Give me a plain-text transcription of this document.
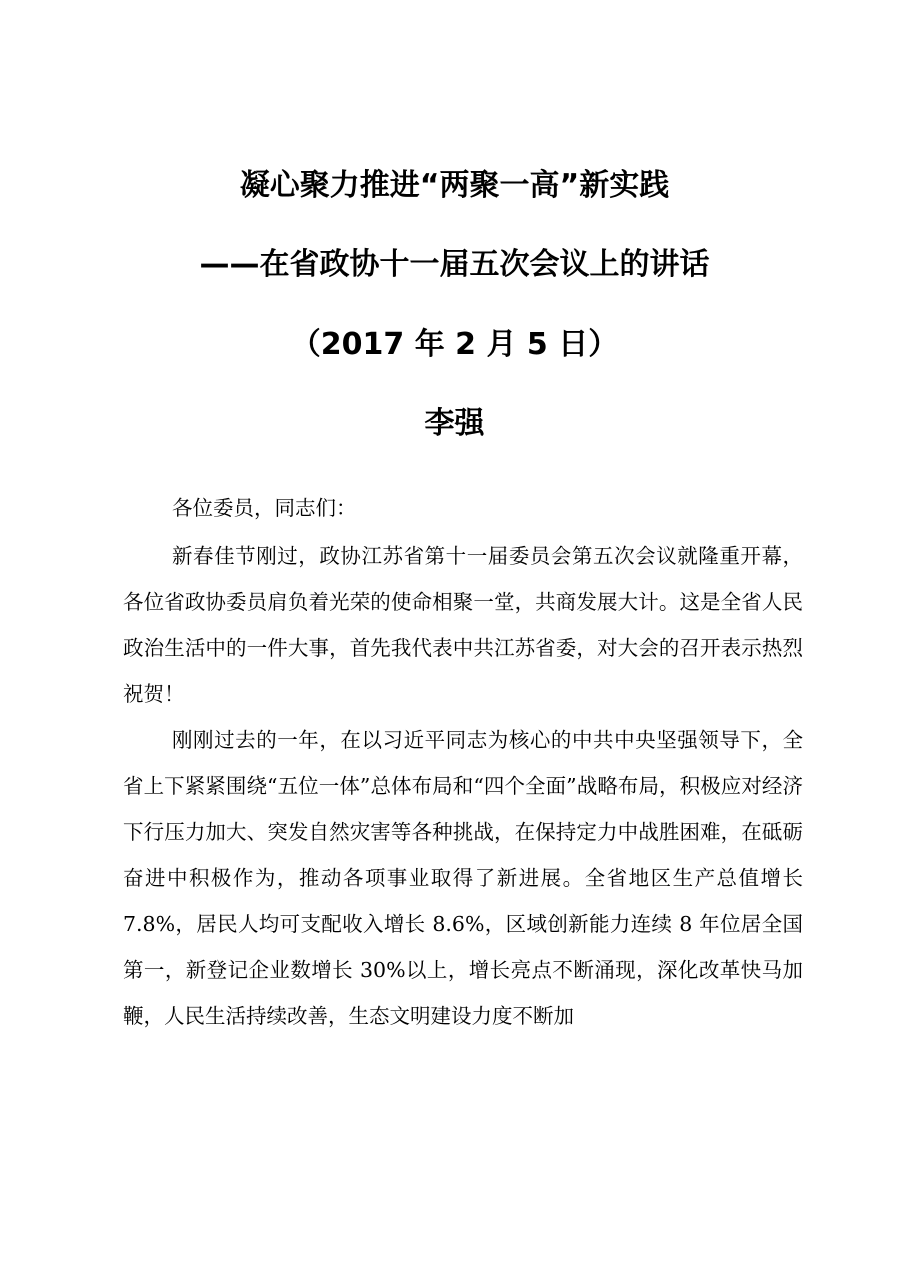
凝心聚力推进“两聚一高”新实践
——在省政协十一届五次会议上的讲话
（2017 年 2 月 5 日）
李强
各位委员，同志们：

新春佳节刚过，政协江苏省第十一届委员会第五次会议就隆重开幕，各位省政协委员肩负着光荣的使命相聚一堂，共商发展大计。这是全省人民政治生活中的一件大事，首先我代表中共江苏省委，对大会的召开表示热烈祝贺！

刚刚过去的一年，在以习近平同志为核心的中共中央坚强领导下，全省上下紧紧围绕“五位一体”总体布局和“四个全面”战略布局，积极应对经济下行压力加大、突发自然灾害等各种挑战，在保持定力中战胜困难，在砥砺奋进中积极作为，推动各项事业取得了新进展。全省地区生产总值增长 7.8%，居民人均可支配收入增长 8.6%，区域创新能力连续 8 年位居全国第一，新登记企业数增长 30%以上，增长亮点不断涌现，深化改革快马加鞭，人民生活持续改善，生态文明建设力度不断加
